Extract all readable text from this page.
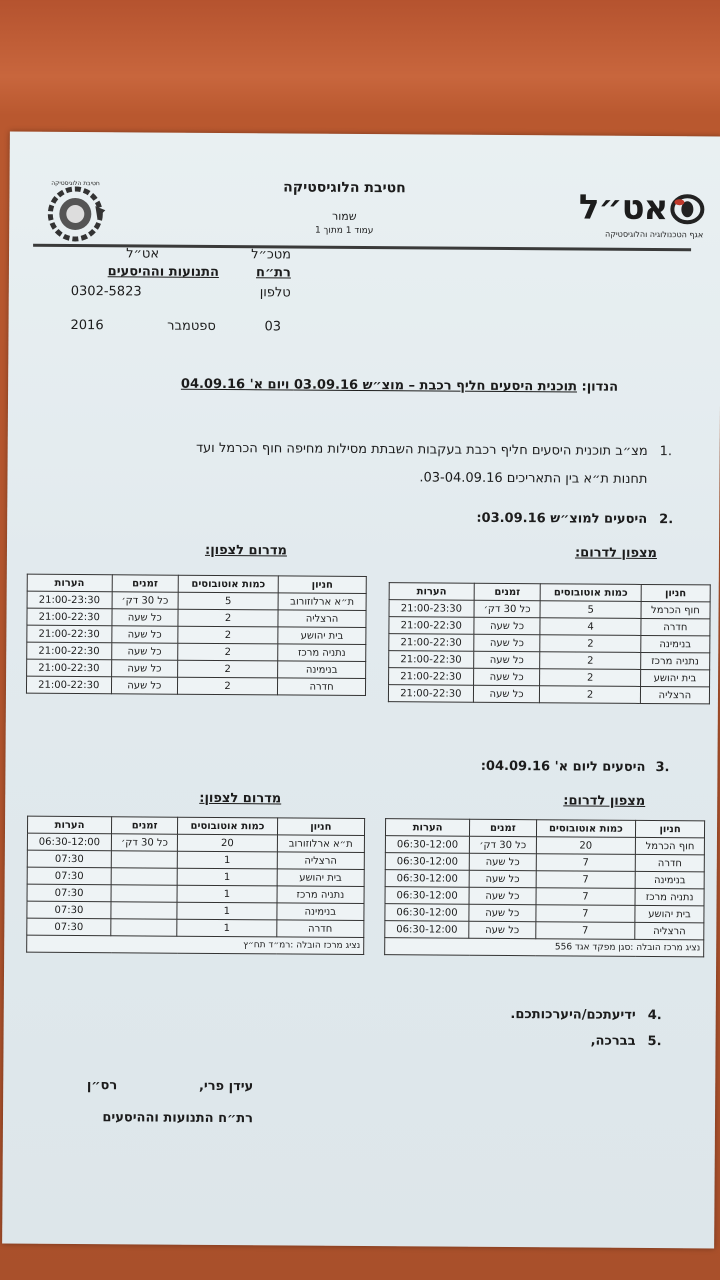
חטיבת הלוגיסטיקה
אט״ל
אגף הטכנולוגיה והלוגיסטיקה
חטיבת הלוגיסטיקה
שמור
עמוד 1 מתוך 1
מטכ״ל
אט״ל
רת״ח
התנועות וההיסעים
טלפון
0302-5823
03
ספטמבר
2016
הנדון: תוכנית היסעים חליף רכבת – מוצ״ש 03.09.16 ויום א' 04.09.16
1.
מצ״ב תוכנית היסעים חליף רכבת בעקבות השבתת מסילות מחיפה חוף הכרמל ועד
תחנות ת״א בין התאריכים 03-04.09.16.
2.
היסעים למוצ״ש 03.09.16:
מצפון לדרום:
מדרום לצפון:
חניון	כמות אוטובוסים	זמנים	הערות
חוף הכרמל	5	כל 30 דק׳	21:00-23:30
חדרה	4	כל שעה	21:00-22:30
בנימינה	2	כל שעה	21:00-22:30
נתניה מרכז	2	כל שעה	21:00-22:30
בית יהושע	2	כל שעה	21:00-22:30
הרצליה	2	כל שעה	21:00-22:30
חניון	כמות אוטובוסים	זמנים	הערות
ת״א ארלוזורוב	5	כל 30 דק׳	21:00-23:30
הרצליה	2	כל שעה	21:00-22:30
בית יהושע	2	כל שעה	21:00-22:30
נתניה מרכז	2	כל שעה	21:00-22:30
בנימינה	2	כל שעה	21:00-22:30
חדרה	2	כל שעה	21:00-22:30
3.
היסעים ליום א' 04.09.16:
מצפון לדרום:
מדרום לצפון:
חניון	כמות אוטובוסים	זמנים	הערות
חוף הכרמל	20	כל 30 דק׳	06:30-12:00
חדרה	7	כל שעה	06:30-12:00
בנימינה	7	כל שעה	06:30-12:00
נתניה מרכז	7	כל שעה	06:30-12:00
בית יהושע	7	כל שעה	06:30-12:00
הרצליה	7	כל שעה	06:30-12:00
נציג מרכז הובלה :סגן מפקד אגד 556			
חניון	כמות אוטובוסים	זמנים	הערות
ת״א ארלוזורוב	20	כל 30 דק׳	06:30-12:00
הרצליה	1		07:30
בית יהושע	1		07:30
נתניה מרכז	1		07:30
בנימינה	1		07:30
חדרה	1		07:30
נציג מרכז הובלה :רמ״ד תח״ץ			
4.
ידיעתכם/היערכותכם.
5.
בברכה,
עידן פרי,
רס״ן
רת״ח התנועות וההיסעים
